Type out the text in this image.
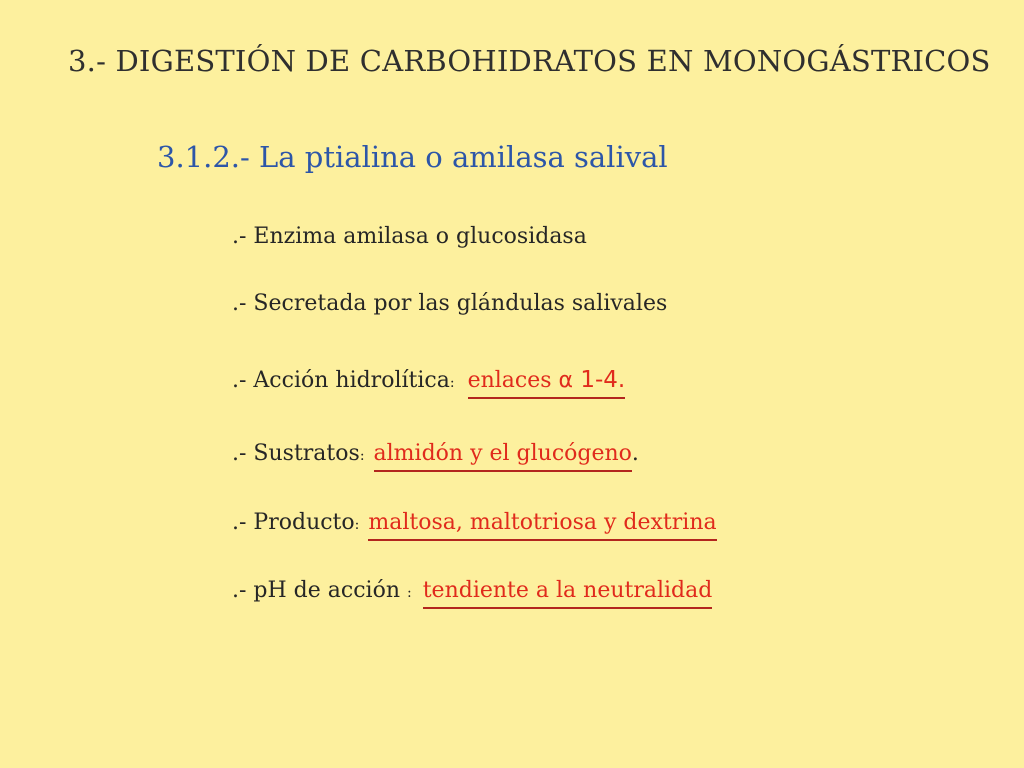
3.- DIGESTIÓN DE CARBOHIDRATOS EN MONOGÁSTRICOS
3.1.2.- La ptialina o amilasa salival
.- Enzima amilasa o glucosidasa
.- Secretada por las glándulas salivales
.- Acción hidrolítica: enlaces α 1-4.
.- Sustratos: almidón y el glucógeno.
.- Producto: maltosa, maltotriosa y dextrina
.- pH de acción : tendiente a la neutralidad
